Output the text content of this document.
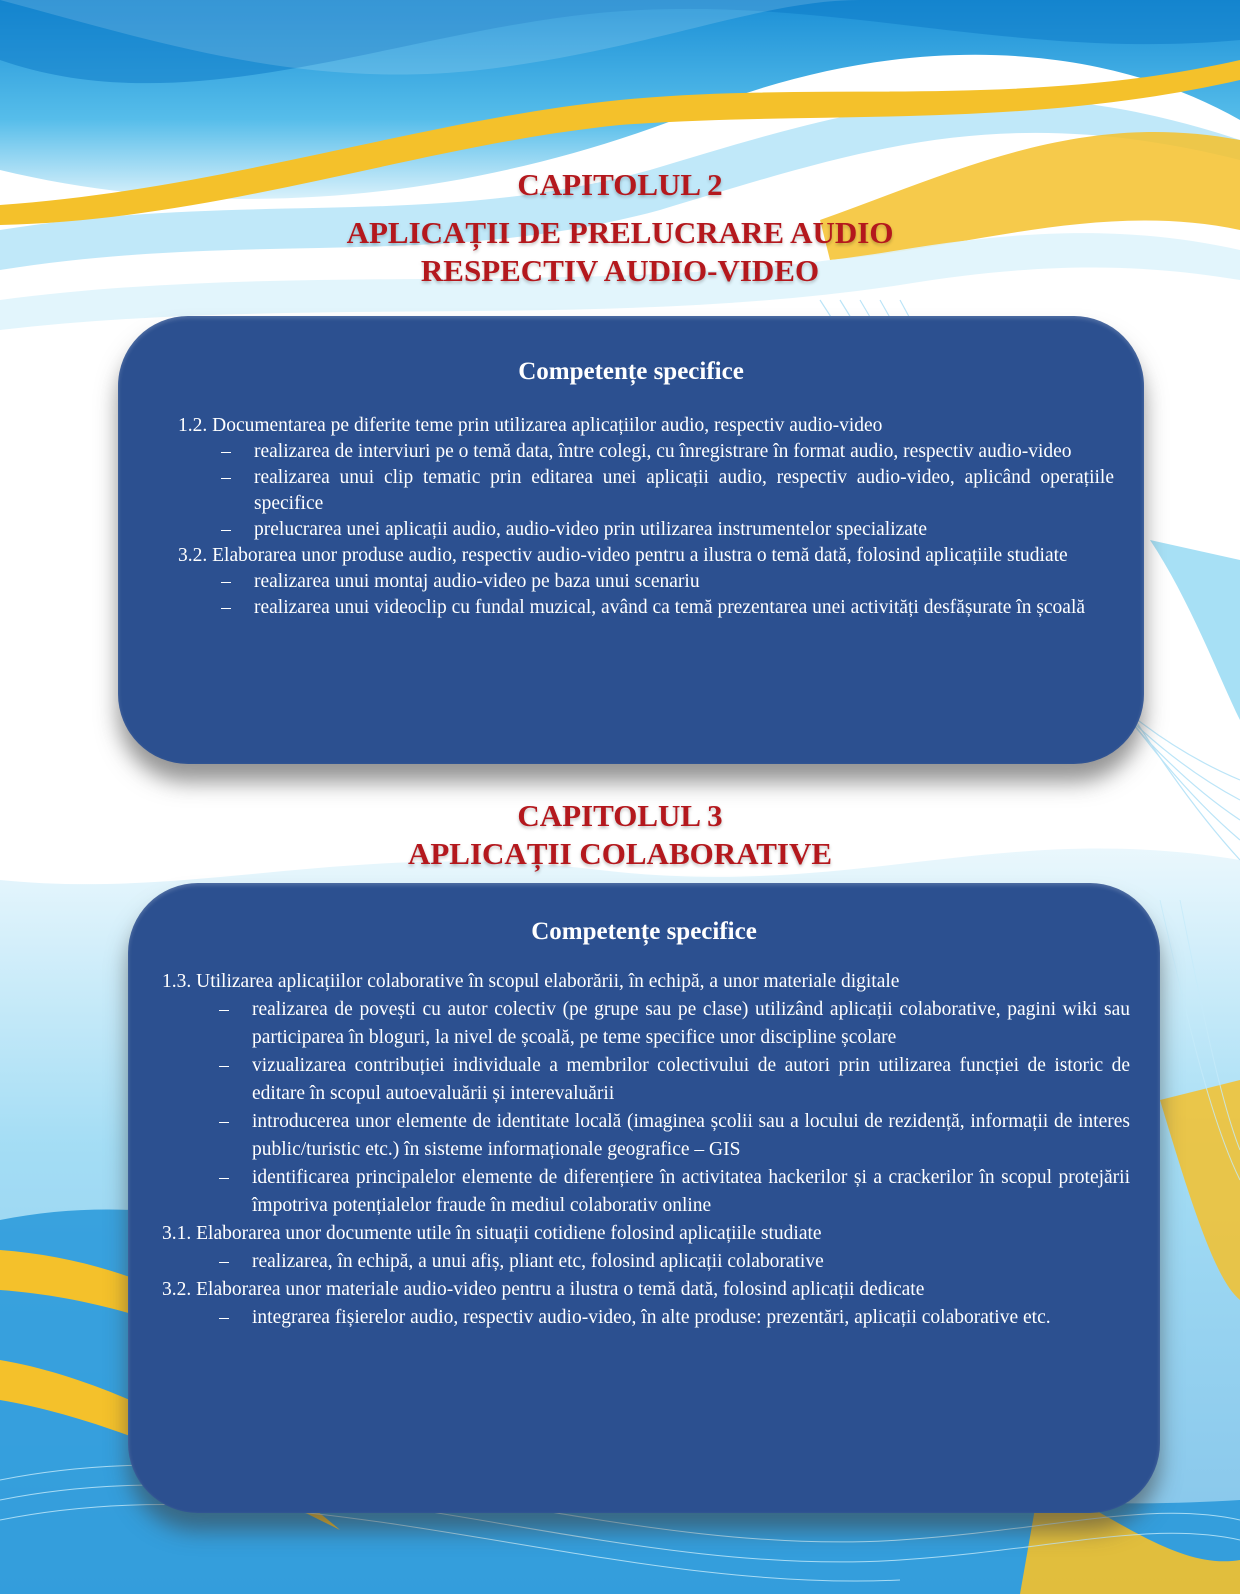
CAPITOLUL 2
APLICAȚII DE PRELUCRARE AUDIO
RESPECTIV AUDIO-VIDEO
Competențe specifice
1.2. Documentarea pe diferite teme prin utilizarea aplicațiilor audio, respectiv audio-video
– realizarea de interviuri pe o temă data, între colegi, cu înregistrare în format audio, respectiv audio-video
– realizarea unui clip tematic prin editarea unei aplicații audio, respectiv audio-video, aplicând operațiile specifice
– prelucrarea unei aplicații audio, audio-video prin utilizarea instrumentelor specializate
3.2. Elaborarea unor produse audio, respectiv audio-video pentru a ilustra o temă dată, folosind aplicațiile studiate
– realizarea unui montaj audio-video pe baza unui scenariu
– realizarea unui videoclip cu fundal muzical, având ca temă prezentarea unei activități desfășurate în școală
CAPITOLUL 3
APLICAȚII COLABORATIVE
Competențe specifice
1.3. Utilizarea aplicațiilor colaborative în scopul elaborării, în echipă, a unor materiale digitale
– realizarea de povești cu autor colectiv (pe grupe sau pe clase) utilizând aplicații colaborative, pagini wiki sau participarea în bloguri, la nivel de școală, pe teme specifice unor discipline școlare
– vizualizarea contribuției individuale a membrilor colectivului de autori prin utilizarea funcției de istoric de editare în scopul autoevaluării și interevaluării
– introducerea unor elemente de identitate locală (imaginea școlii sau a locului de rezidență, informații de interes public/turistic etc.) în sisteme informaționale geografice – GIS
– identificarea principalelor elemente de diferențiere în activitatea hackerilor și a crackerilor în scopul protejării împotriva potențialelor fraude în mediul colaborativ online
3.1. Elaborarea unor documente utile în situații cotidiene folosind aplicațiile studiate
– realizarea, în echipă, a unui afiș, pliant etc, folosind aplicații colaborative
3.2. Elaborarea unor materiale audio-video pentru a ilustra o temă dată, folosind aplicații dedicate
– integrarea fișierelor audio, respectiv audio-video, în alte produse: prezentări, aplicații colaborative etc.
